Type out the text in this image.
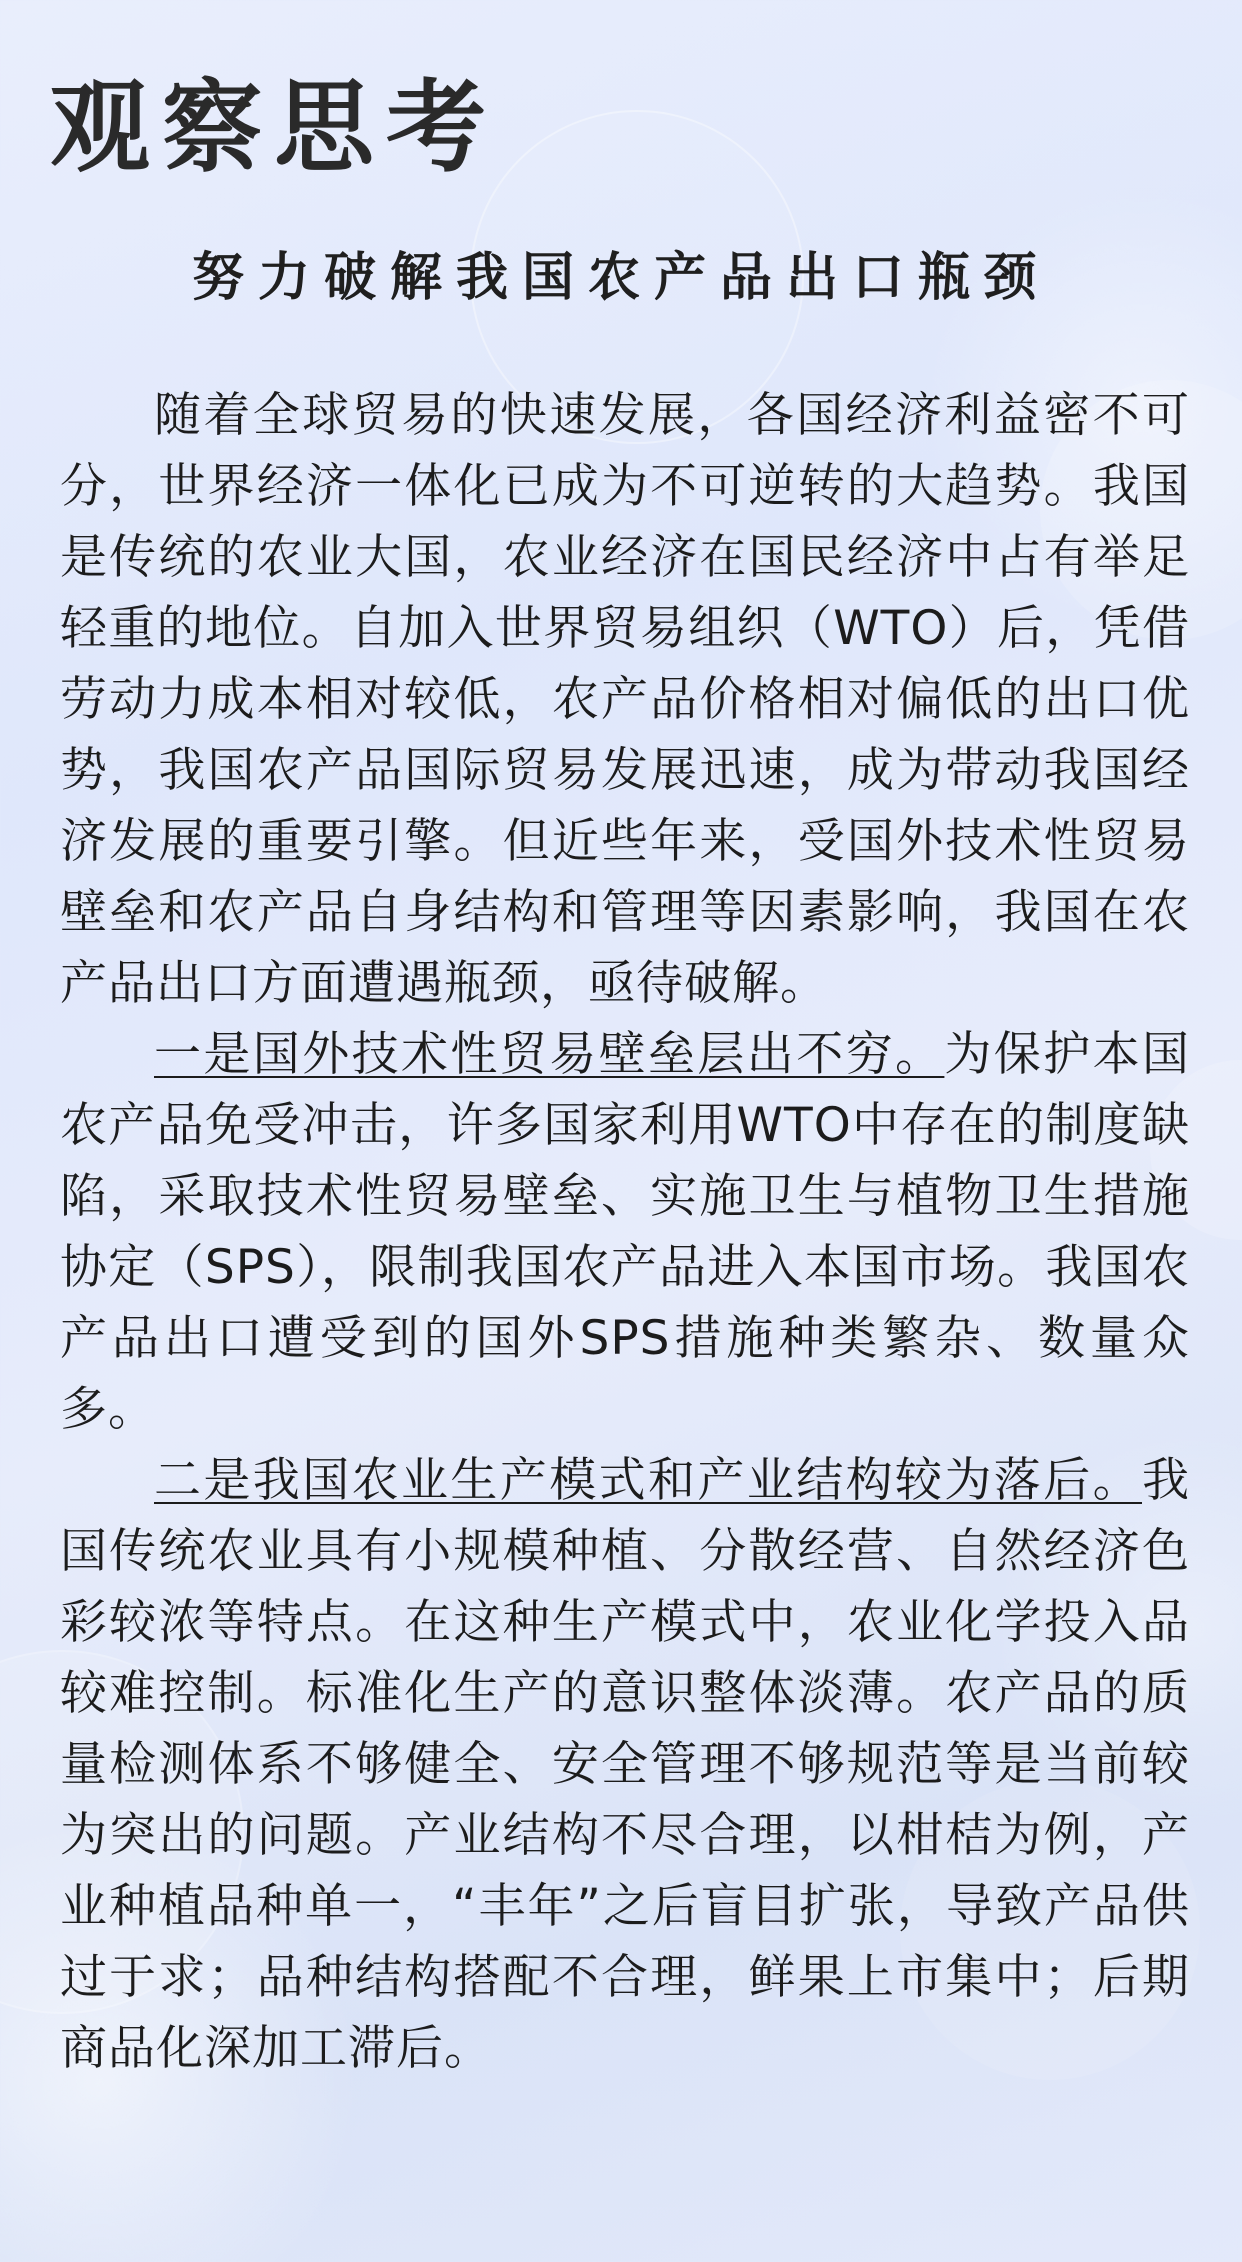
观察思考
努力破解我国农产品出口瓶颈

随着全球贸易的快速发展，各国经济利益密不可分，世界经济一体化已成为不可逆转的大趋势。我国是传统的农业大国，农业经济在国民经济中占有举足轻重的地位。自加入世界贸易组织（WTO）后，凭借劳动力成本相对较低，农产品价格相对偏低的出口优势，我国农产品国际贸易发展迅速，成为带动我国经济发展的重要引擎。但近些年来，受国外技术性贸易壁垒和农产品自身结构和管理等因素影响，我国在农产品出口方面遭遇瓶颈，亟待破解。

一是国外技术性贸易壁垒层出不穷。为保护本国农产品免受冲击，许多国家利用WTO中存在的制度缺陷，采取技术性贸易壁垒、实施卫生与植物卫生措施协定（SPS），限制我国农产品进入本国市场。我国农产品出口遭受到的国外SPS措施种类繁杂、数量众多。

二是我国农业生产模式和产业结构较为落后。我国传统农业具有小规模种植、分散经营、自然经济色彩较浓等特点。在这种生产模式中，农业化学投入品较难控制。标准化生产的意识整体淡薄。农产品的质量检测体系不够健全、安全管理不够规范等是当前较为突出的问题。产业结构不尽合理，以柑桔为例，产业种植品种单一，“丰年”之后盲目扩张，导致产品供过于求；品种结构搭配不合理，鲜果上市集中；后期商品化深加工滞后。
